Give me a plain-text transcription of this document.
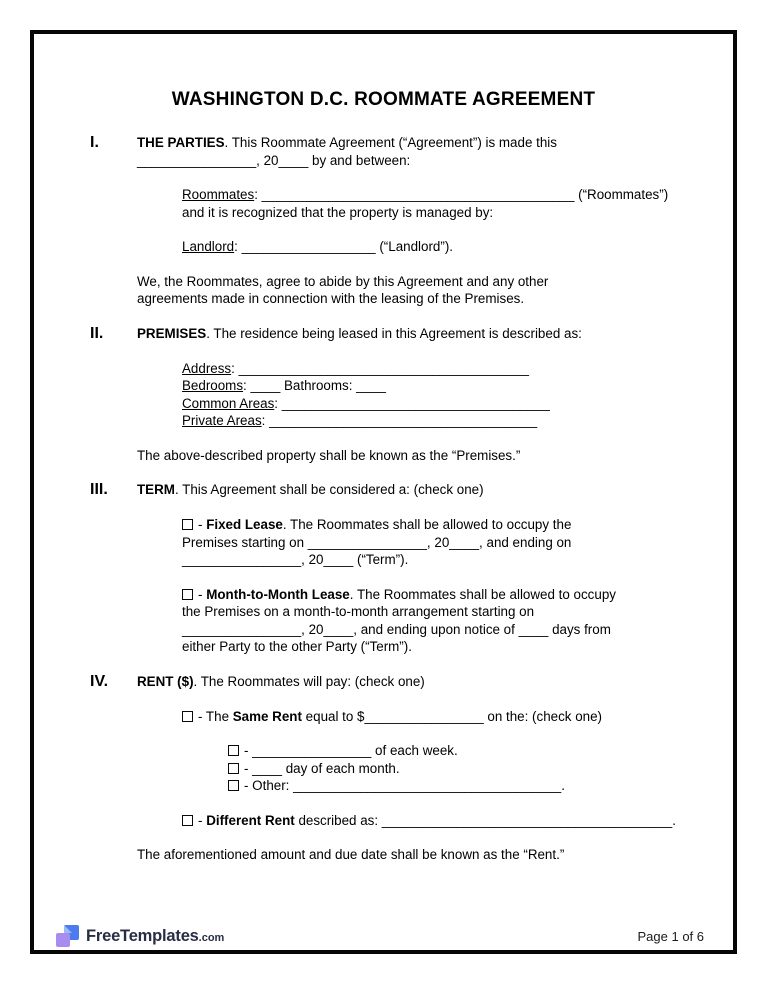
WASHINGTON D.C. ROOMMATE AGREEMENT
I.	THE PARTIES. This Roommate Agreement (“Agreement”) is made this
________________, 20____ by and between:
Roommates: __________________________________________ (“Roommates”)
and it is recognized that the property is managed by:
Landlord: __________________ (“Landlord”).
We, the Roommates, agree to abide by this Agreement and any other
agreements made in connection with the leasing of the Premises.
II.	PREMISES. The residence being leased in this Agreement is described as:
Address: _______________________________________
Bedrooms: ____ Bathrooms: ____
Common Areas: ____________________________________
Private Areas: ____________________________________
The above-described property shall be known as the “Premises.”
III.	TERM. This Agreement shall be considered a: (check one)
- Fixed Lease. The Roommates shall be allowed to occupy the
Premises starting on ________________, 20____, and ending on
________________, 20____ (“Term”).
- Month-to-Month Lease. The Roommates shall be allowed to occupy
the Premises on a month-to-month arrangement starting on
________________, 20____, and ending upon notice of ____ days from
either Party to the other Party (“Term”).
IV.	RENT ($). The Roommates will pay: (check one)
- The Same Rent equal to $________________ on the: (check one)
- ________________ of each week.
- ____ day of each month.
- Other: ____________________________________.
- Different Rent described as: _______________________________________.
The aforementioned amount and due date shall be known as the “Rent.”
FreeTemplates.com	Page 1 of 6
